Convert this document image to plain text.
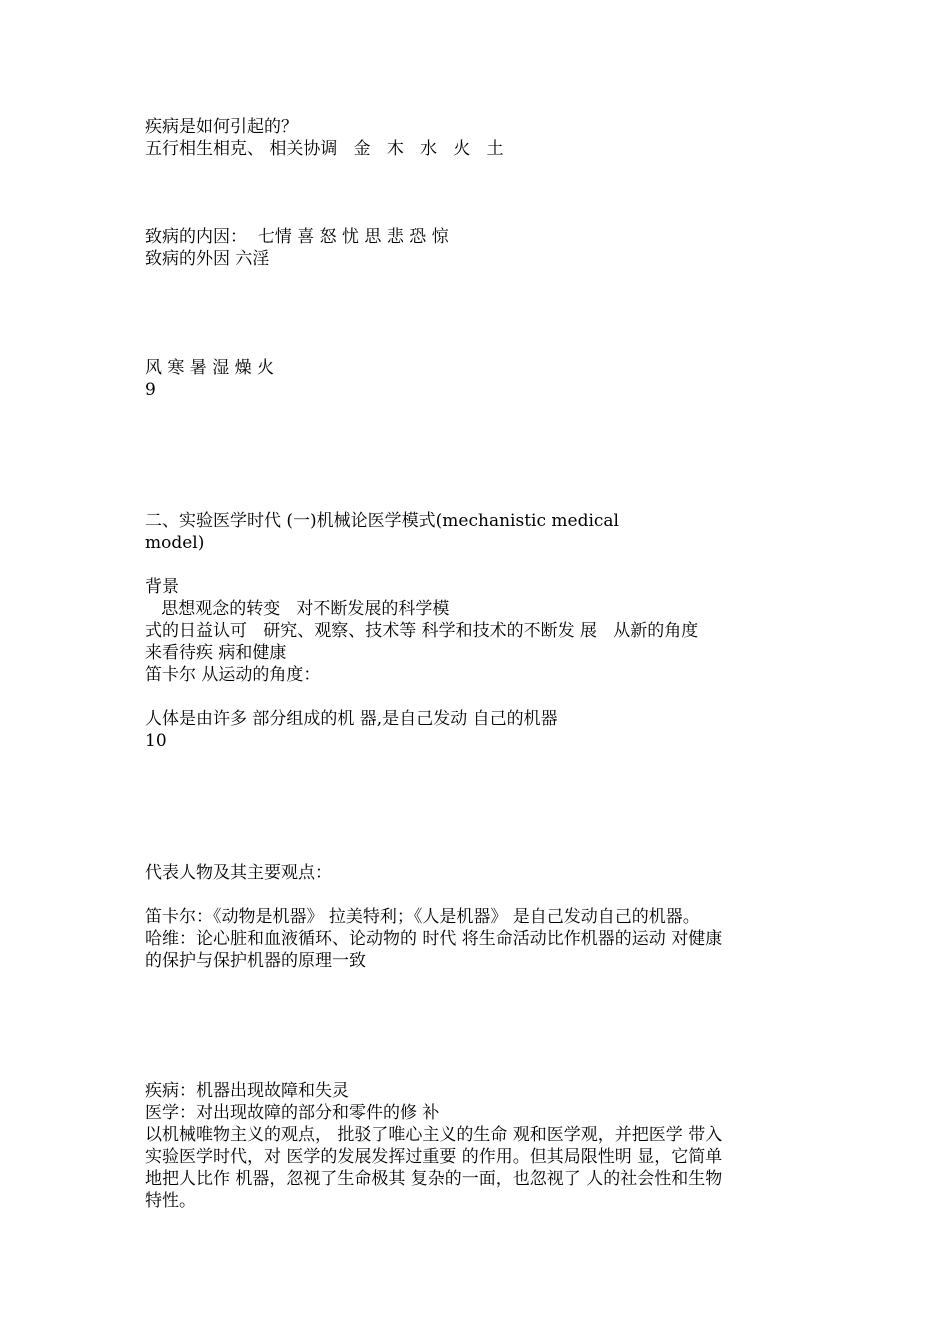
疾病是如何引起的？
五行相生相克、 相关协调   金   木   水   火   土
致病的内因：  七情 喜 怒 忧 思 悲 恐 惊
致病的外因 六淫
风 寒 暑 湿 燥 火
9
二、实验医学时代 (一)机械论医学模式(mechanistic medical
model)
背景
思想观念的转变   对不断发展的科学模
式的日益认可   研究、观察、技术等 科学和技术的不断发 展   从新的角度
来看待疾 病和健康
笛卡尔 从运动的角度：
人体是由许多 部分组成的机 器,是自己发动 自己的机器
10
代表人物及其主要观点：
笛卡尔：《动物是机器》 拉美特利；《人是机器》 是自己发动自己的机器。
哈维：论心脏和血液循环、论动物的 时代 将生命活动比作机器的运动 对健康
的保护与保护机器的原理一致
疾病：机器出现故障和失灵
医学：对出现故障的部分和零件的修 补
以机械唯物主义的观点， 批驳了唯心主义的生命 观和医学观，并把医学 带入
实验医学时代，对 医学的发展发挥过重要 的作用。但其局限性明 显，它简单
地把人比作 机器，忽视了生命极其 复杂的一面，也忽视了 人的社会性和生物
特性。
